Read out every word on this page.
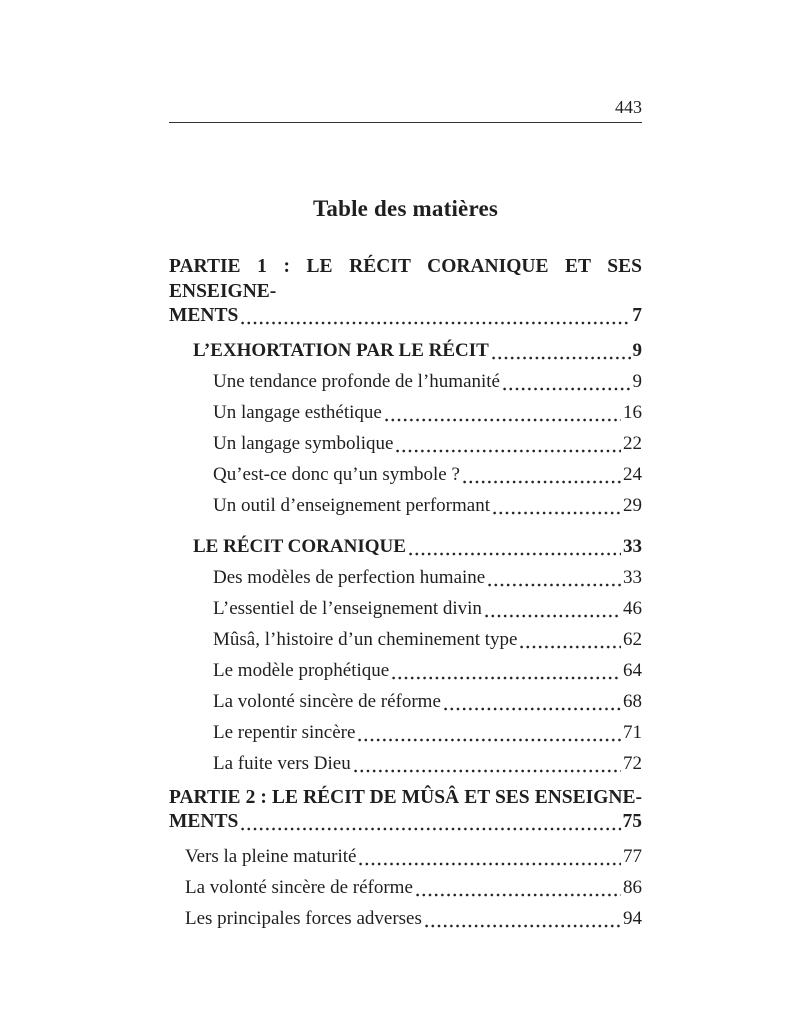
443
Table des matières
PARTIE 1 : LE RÉCIT CORANIQUE ET SES ENSEIGNE-
MENTS	7
L’EXHORTATION PAR LE RÉCIT	9
Une tendance profonde de l’humanité	9
Un langage esthétique	16
Un langage symbolique	22
Qu’est-ce donc qu’un symbole ?	24
Un outil d’enseignement performant	29
LE RÉCIT CORANIQUE	33
Des modèles de perfection humaine	33
L’essentiel de l’enseignement divin	46
Mûsâ, l’histoire d’un cheminement type	62
Le modèle prophétique	64
La volonté sincère de réforme	68
Le repentir sincère	71
La fuite vers Dieu	72
PARTIE 2 : LE RÉCIT DE MÛSÂ ET SES ENSEIGNE-
MENTS	75
Vers la pleine maturité	77
La volonté sincère de réforme	86
Les principales forces adverses	94
